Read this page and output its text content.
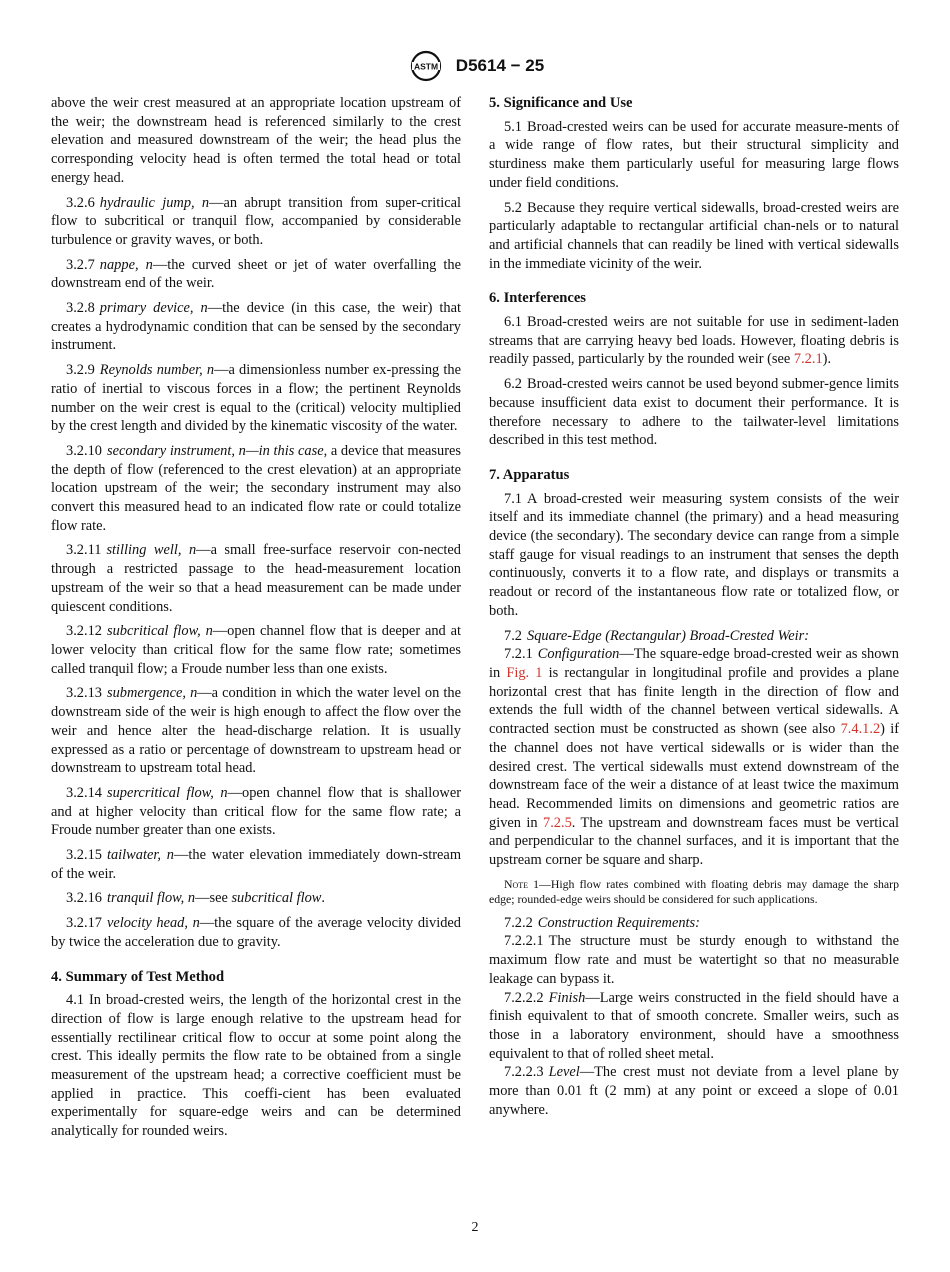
ASTM D5614 − 25

above the weir crest measured at an appropriate location upstream of the weir; the downstream head is referenced similarly to the crest elevation and measured downstream of the weir; the head plus the corresponding velocity head is often termed the total head or total energy head.

3.2.6 hydraulic jump, n—an abrupt transition from super-critical flow to subcritical or tranquil flow, accompanied by considerable turbulence or gravity waves, or both.

3.2.7 nappe, n—the curved sheet or jet of water overfalling the downstream end of the weir.

3.2.8 primary device, n—the device (in this case, the weir) that creates a hydrodynamic condition that can be sensed by the secondary instrument.

3.2.9 Reynolds number, n—a dimensionless number ex-pressing the ratio of inertial to viscous forces in a flow; the pertinent Reynolds number on the weir crest is equal to the (critical) velocity multiplied by the crest length and divided by the kinematic viscosity of the water.

3.2.10 secondary instrument, n—in this case, a device that measures the depth of flow (referenced to the crest elevation) at an appropriate location upstream of the weir; the secondary instrument may also convert this measured head to an indicated flow rate or could totalize flow rate.

3.2.11 stilling well, n—a small free-surface reservoir con-nected through a restricted passage to the head-measurement location upstream of the weir so that a head measurement can be made under quiescent conditions.

3.2.12 subcritical flow, n—open channel flow that is deeper and at lower velocity than critical flow for the same flow rate; sometimes called tranquil flow; a Froude number less than one exists.

3.2.13 submergence, n—a condition in which the water level on the downstream side of the weir is high enough to affect the flow over the weir and hence alter the head-discharge relation. It is usually expressed as a ratio or percentage of downstream to upstream head or downstream to upstream total head.

3.2.14 supercritical flow, n—open channel flow that is shallower and at higher velocity than critical flow for the same flow rate; a Froude number greater than one exists.

3.2.15 tailwater, n—the water elevation immediately down-stream of the weir.

3.2.16 tranquil flow, n—see subcritical flow.

3.2.17 velocity head, n—the square of the average velocity divided by twice the acceleration due to gravity.

4. Summary of Test Method

4.1 In broad-crested weirs, the length of the horizontal crest in the direction of flow is large enough relative to the upstream head for essentially rectilinear critical flow to occur at some point along the crest. This ideally permits the flow rate to be obtained from a single measurement of the upstream head; a corrective coefficient must be applied in practice. This coeffi-cient has been evaluated experimentally for square-edge weirs and can be determined analytically for rounded weirs.

5. Significance and Use

5.1 Broad-crested weirs can be used for accurate measure-ments of a wide range of flow rates, but their structural simplicity and sturdiness make them particularly useful for measuring large flows under field conditions.

5.2 Because they require vertical sidewalls, broad-crested weirs are particularly adaptable to rectangular artificial chan-nels or to natural and artificial channels that can readily be lined with vertical sidewalls in the immediate vicinity of the weir.

6. Interferences

6.1 Broad-crested weirs are not suitable for use in sediment-laden streams that are carrying heavy bed loads. However, floating debris is readily passed, particularly by the rounded weir (see 7.2.1).

6.2 Broad-crested weirs cannot be used beyond submer-gence limits because insufficient data exist to document their performance. It is therefore necessary to adhere to the tailwater-level limitations described in this test method.

7. Apparatus

7.1 A broad-crested weir measuring system consists of the weir itself and its immediate channel (the primary) and a head measuring device (the secondary). The secondary device can range from a simple staff gauge for visual readings to an instrument that senses the depth continuously, converts it to a flow rate, and displays or transmits a readout or record of the instantaneous flow rate or totalized flow, or both.

7.2 Square-Edge (Rectangular) Broad-Crested Weir:

7.2.1 Configuration—The square-edge broad-crested weir as shown in Fig. 1 is rectangular in longitudinal profile and provides a plane horizontal crest that has finite length in the direction of flow and extends the full width of the channel between vertical sidewalls. A contracted section must be constructed as shown (see also 7.4.1.2) if the channel does not have vertical sidewalls or is wider than the desired crest. The vertical sidewalls must extend downstream of the downstream face of the weir a distance of at least twice the maximum head. Recommended limits on dimensions and geometric ratios are given in 7.2.5. The upstream and downstream faces must be vertical and perpendicular to the channel surfaces, and it is important that the upstream corner be square and sharp.

Note 1—High flow rates combined with floating debris may damage the sharp edge; rounded-edge weirs should be considered for such applications.

7.2.2 Construction Requirements:

7.2.2.1 The structure must be sturdy enough to withstand the maximum flow rate and must be watertight so that no measurable leakage can bypass it.

7.2.2.2 Finish—Large weirs constructed in the field should have a finish equivalent to that of smooth concrete. Smaller weirs, such as those in a laboratory environment, should have a smoothness equivalent to that of rolled sheet metal.

7.2.2.3 Level—The crest must not deviate from a level plane by more than 0.01 ft (2 mm) at any point or exceed a slope of 0.01 anywhere.

2
